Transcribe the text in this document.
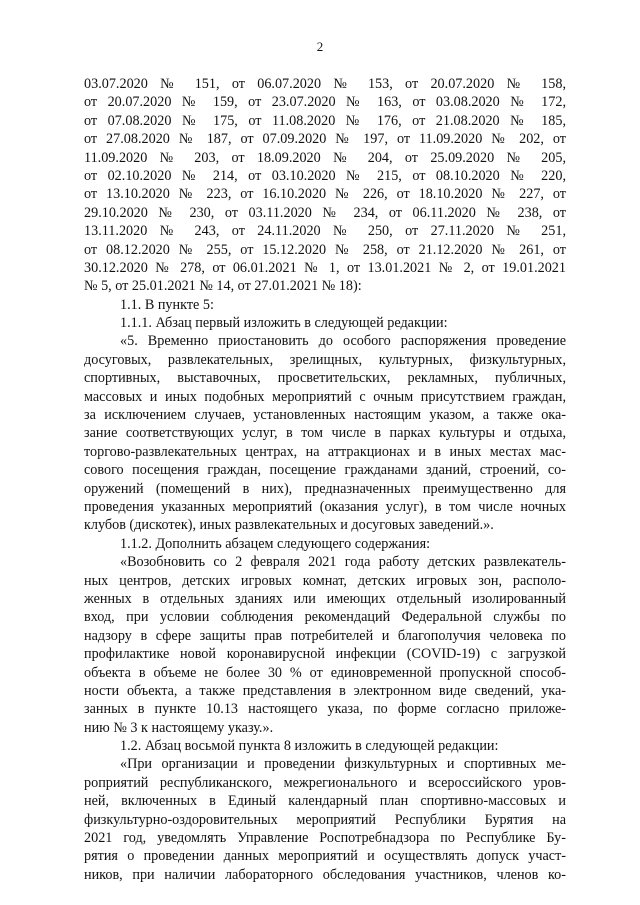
2
03.07.2020 № 151, от 06.07.2020 № 153, от 20.07.2020 № 158,
от 20.07.2020 № 159, от 23.07.2020 № 163, от 03.08.2020 № 172,
от 07.08.2020 № 175, от 11.08.2020 № 176, от 21.08.2020 № 185,
от 27.08.2020 № 187, от 07.09.2020 № 197, от 11.09.2020 № 202, от
11.09.2020 № 203, от 18.09.2020 № 204, от 25.09.2020 № 205,
от 02.10.2020 № 214, от 03.10.2020 № 215, от 08.10.2020 № 220,
от 13.10.2020 № 223, от 16.10.2020 № 226, от 18.10.2020 № 227, от
29.10.2020 № 230, от 03.11.2020 № 234, от 06.11.2020 № 238, от
13.11.2020 № 243, от 24.11.2020 № 250, от 27.11.2020 № 251,
от 08.12.2020 № 255, от 15.12.2020 № 258, от 21.12.2020 № 261, от
30.12.2020 № 278, от 06.01.2021 № 1, от 13.01.2021 № 2, от 19.01.2021
№ 5, от 25.01.2021 № 14, от 27.01.2021 № 18):
1.1. В пункте 5:
1.1.1. Абзац первый изложить в следующей редакции:
«5. Временно приостановить до особого распоряжения проведение
досуговых, развлекательных, зрелищных, культурных, физкультурных,
спортивных, выставочных, просветительских, рекламных, публичных,
массовых и иных подобных мероприятий с очным присутствием граждан,
за исключением случаев, установленных настоящим указом, а также ока-
зание соответствующих услуг, в том числе в парках культуры и отдыха,
торгово-развлекательных центрах, на аттракционах и в иных местах мас-
сового посещения граждан, посещение гражданами зданий, строений, со-
оружений (помещений в них), предназначенных преимущественно для
проведения указанных мероприятий (оказания услуг), в том числе ночных
клубов (дискотек), иных развлекательных и досуговых заведений.».
1.1.2. Дополнить абзацем следующего содержания:
«Возобновить со 2 февраля 2021 года работу детских развлекатель-
ных центров, детских игровых комнат, детских игровых зон, располо-
женных в отдельных зданиях или имеющих отдельный изолированный
вход, при условии соблюдения рекомендаций Федеральной службы по
надзору в сфере защиты прав потребителей и благополучия человека по
профилактике новой коронавирусной инфекции (COVID-19) с загрузкой
объекта в объеме не более 30 % от единовременной пропускной способ-
ности объекта, а также представления в электронном виде сведений, ука-
занных в пункте 10.13 настоящего указа, по форме согласно приложе-
нию № 3 к настоящему указу.».
1.2. Абзац восьмой пункта 8 изложить в следующей редакции:
«При организации и проведении физкультурных и спортивных ме-
роприятий республиканского, межрегионального и всероссийского уров-
ней, включенных в Единый календарный план спортивно-массовых и
физкультурно-оздоровительных мероприятий Республики Бурятия на
2021 год, уведомлять Управление Роспотребнадзора по Республике Бу-
рятия о проведении данных мероприятий и осуществлять допуск участ-
ников, при наличии лабораторного обследования участников, членов ко-
